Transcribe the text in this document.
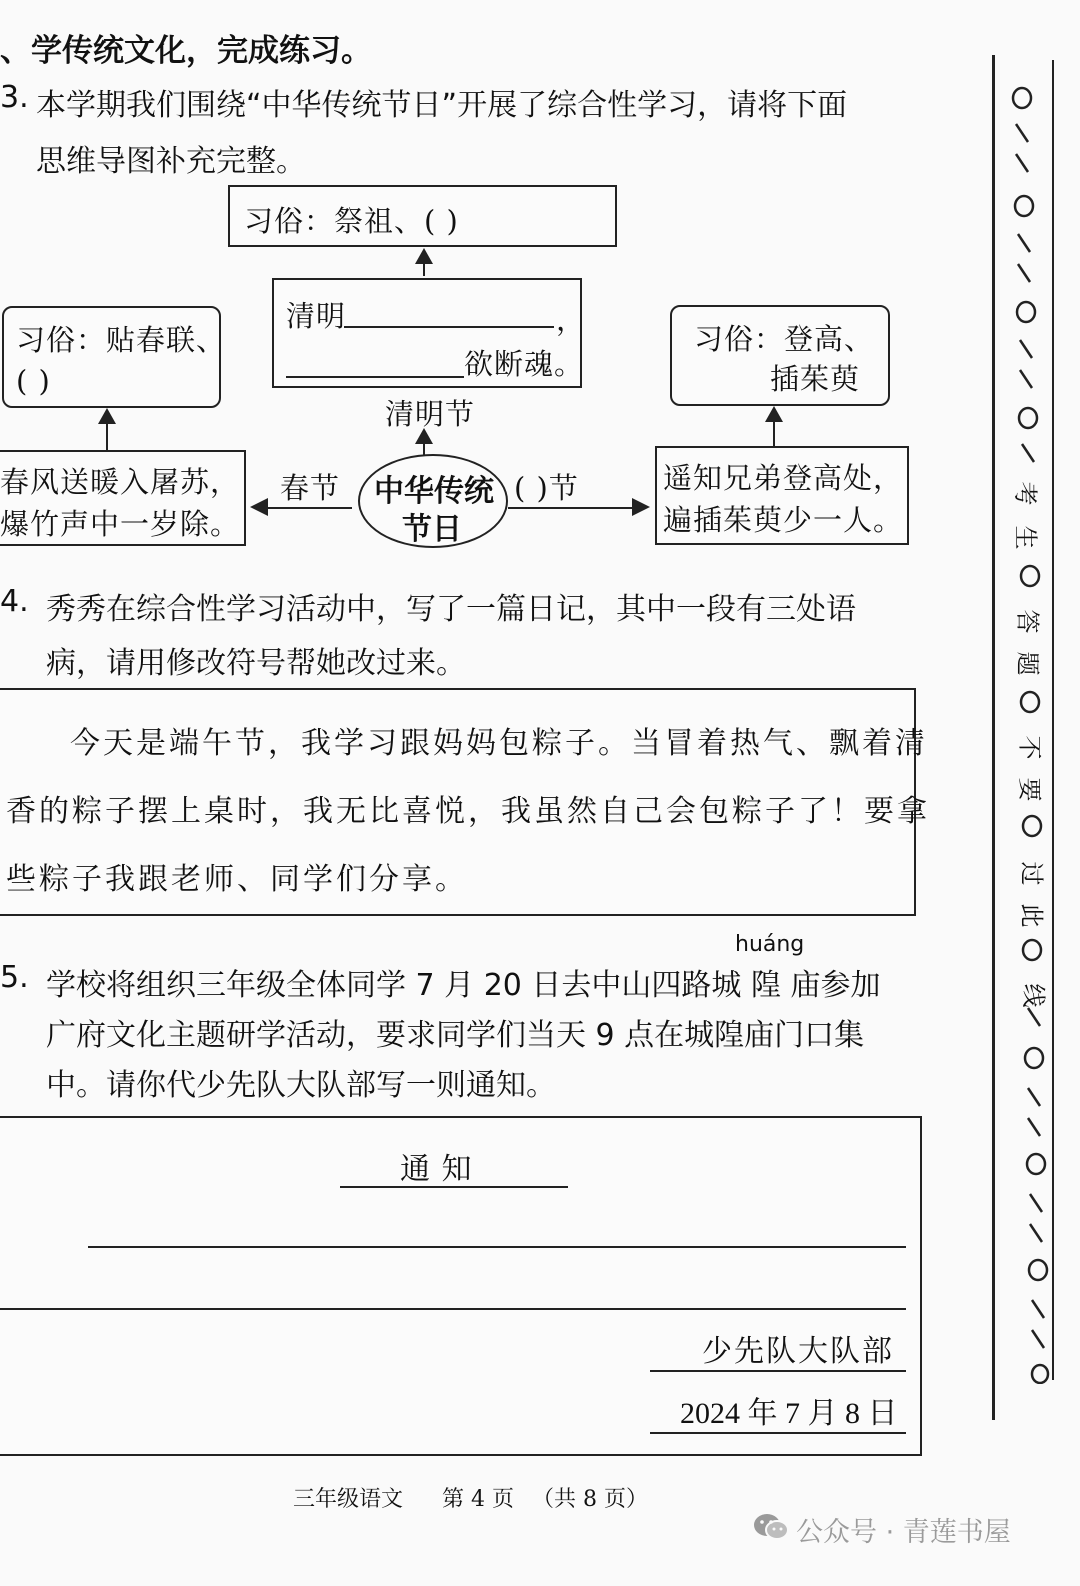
、学传统文化，完成练习。
3. 本学期我们围绕“中华传统节日”开展了综合性学习，请将下面
思维导图补充完整。
习俗：祭祖、( )
清明	，
欲断魂。
清明节
习俗：贴春联、
( )
春风送暖入屠苏，
爆竹声中一岁除。
春节 中华传统
节日
( )节
习俗：登高、
插茱萸
遥知兄弟登高处，
遍插茱萸少一人。
4. 秀秀在综合性学习活动中，写了一篇日记，其中一段有三处语
病，请用修改符号帮她改过来。
今天是端午节，我学习跟妈妈包粽子。当冒着热气、飘着清
香的粽子摆上桌时，我无比喜悦，我虽然自己会包粽子了！要拿
些粽子我跟老师、同学们分享。
huáng
5. 学校将组织三年级全体同学 7 月 20 日去中山四路城 隍 庙参加
广府文化主题研学活动，要求同学们当天 9 点在城隍庙门口集
中。请你代少先队大队部写一则通知。
通 知
少先队大队部
2024 年 7 月 8 日
三年级语文 第 4 页 （共 8 页）
公众号 · 青莲书屋
考
生
答
题
不
要
过
此
线
